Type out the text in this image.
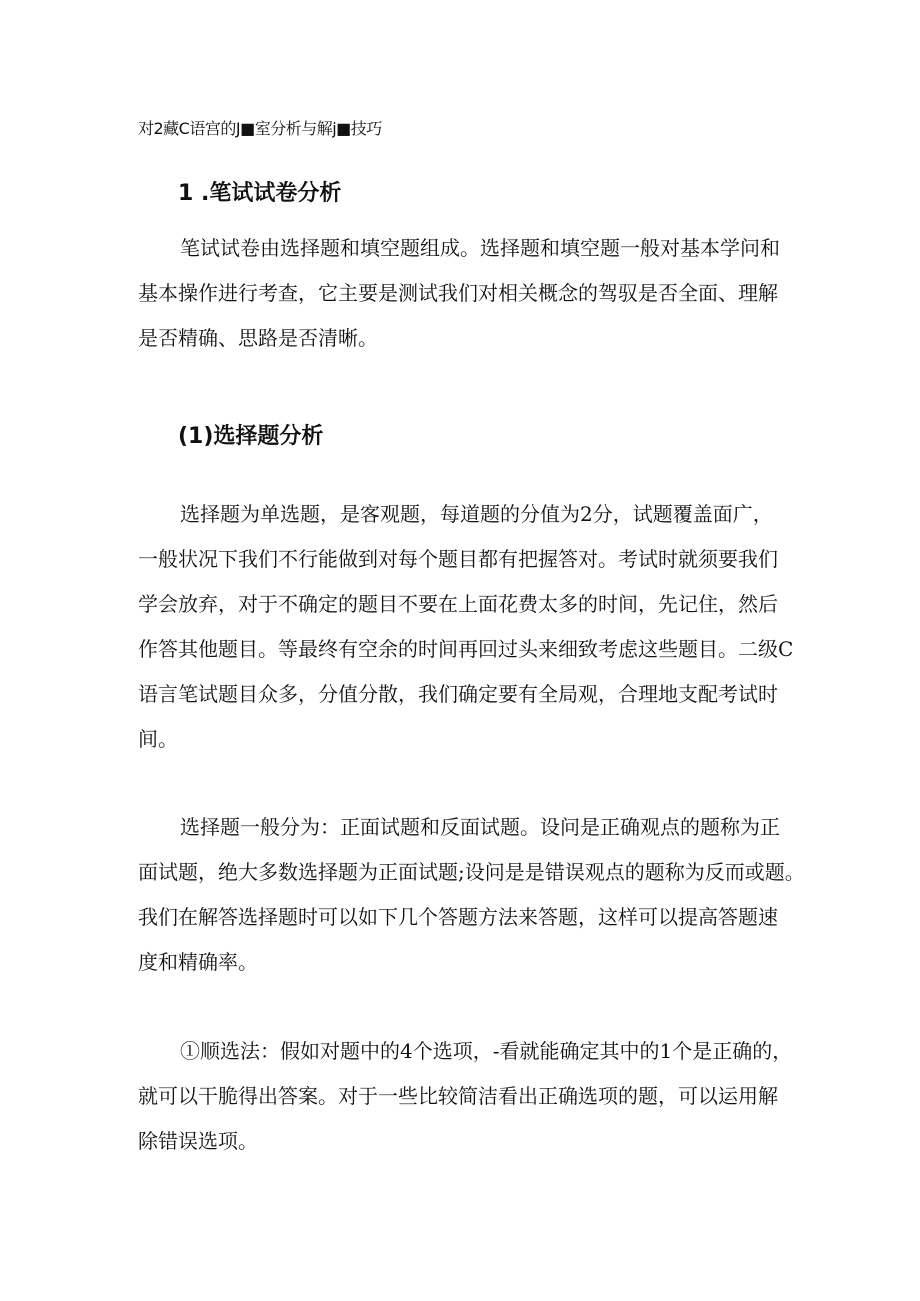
对2藏C语宫的J■室分析与解j■技巧
1 .笔试试卷分析

笔试试卷由选择题和填空题组成。选择题和填空题一般对基本学问和
基本操作进行考查，它主要是测试我们对相关概念的驾驭是否全面、理解
是否精确、思路是否清晰。

(1)选择题分析

选择题为单选题，是客观题，每道题的分值为2分，试题覆盖面广，
一般状况下我们不行能做到对每个题目都有把握答对。考试时就须要我们
学会放弃，对于不确定的题目不要在上面花费太多的时间，先记住，然后
作答其他题目。等最终有空余的时间再回过头来细致考虑这些题目。二级C
语言笔试题目众多，分值分散，我们确定要有全局观，合理地支配考试时
间。

选择题一般分为：正面试题和反面试题。设问是正确观点的题称为正
面试题，绝大多数选择题为正面试题;设问是是错误观点的题称为反而或题。
我们在解答选择题时可以如下几个答题方法来答题，这样可以提高答题速
度和精确率。

①顺选法：假如对题中的4个选项，-看就能确定其中的1个是正确的，
就可以干脆得出答案。对于一些比较简洁看出正确选项的题，可以运用解
除错误选项。
